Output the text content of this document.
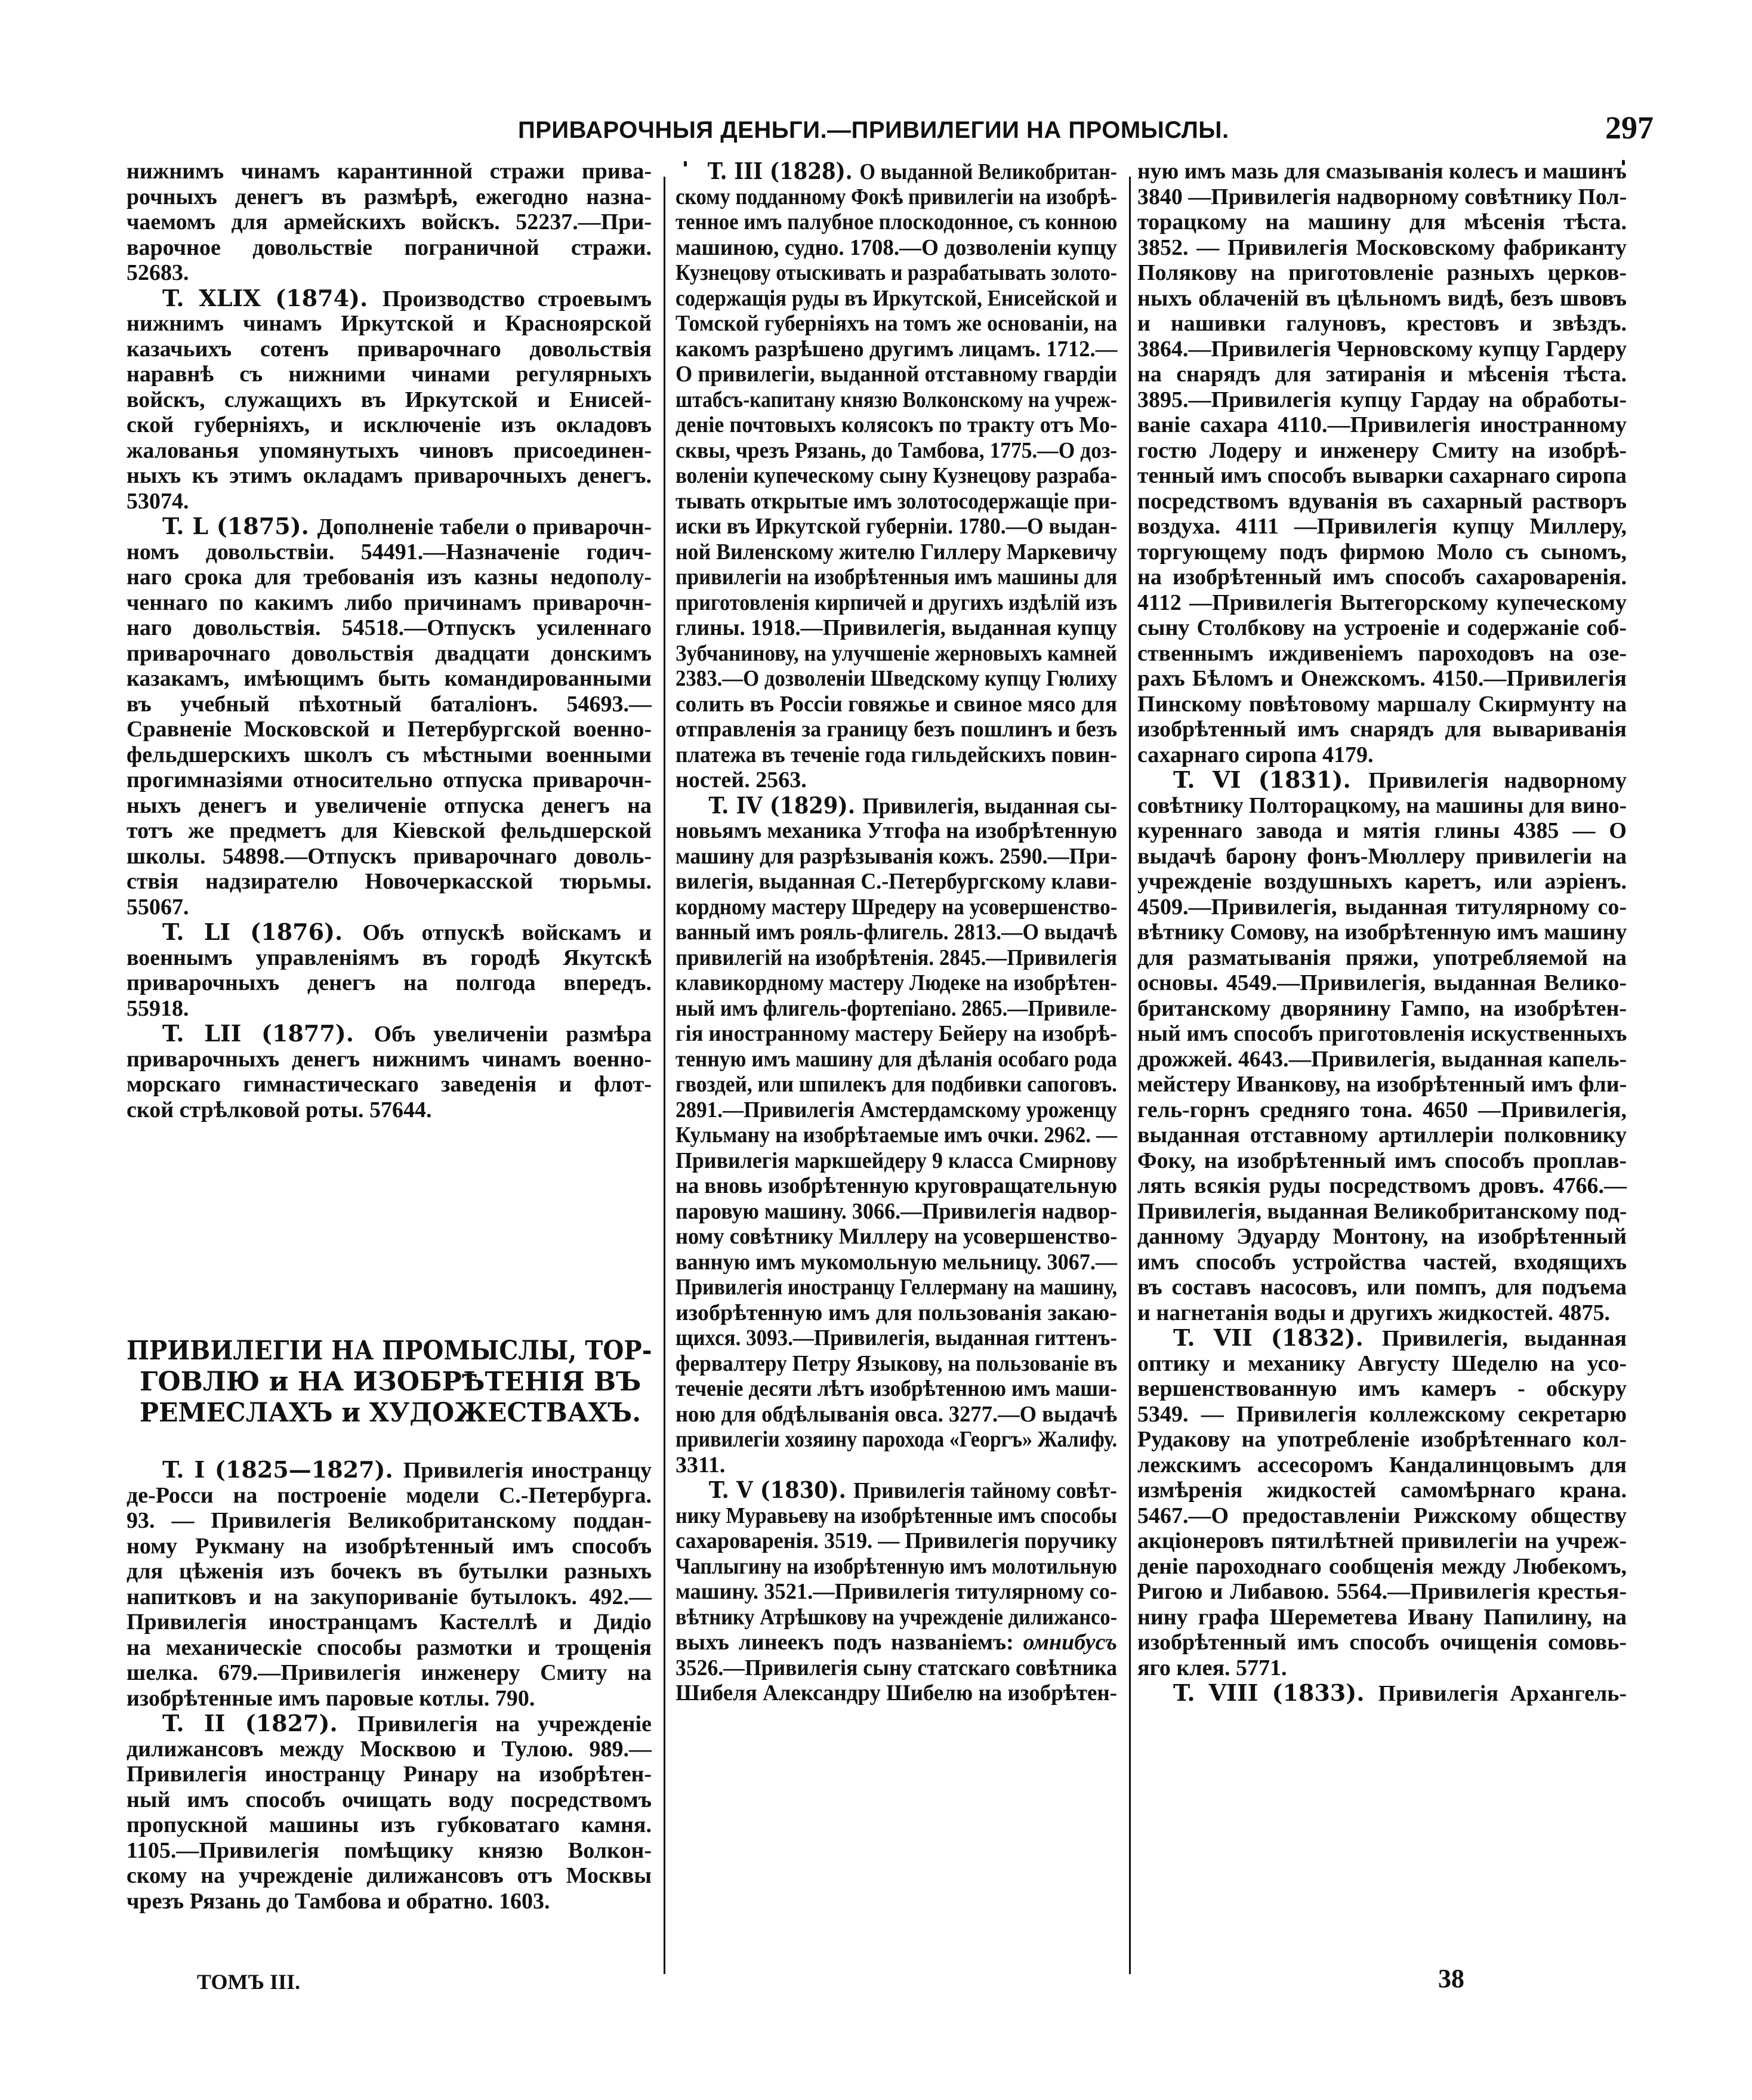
ПРИВАРОЧНЫЯ ДЕНЬГИ.—ПРИВИЛЕГИИ НА ПРОМЫСЛЫ.	297
нижнимъ чинамъ карантинной стражи прива-
рочныхъ денегъ въ размѣрѣ, ежегодно назна-
чаемомъ для армейскихъ войскъ. 52237.—При-
варочное довольствіе пограничной стражи.
52683.
T. XLIX (1874). Производство строевымъ
нижнимъ чинамъ Иркутской и Красноярской
казачьихъ сотенъ приварочнаго довольствія
наравнѣ съ нижними чинами регулярныхъ
войскъ, служащихъ въ Иркутской и Енисей-
ской губерніяхъ, и исключеніе изъ окладовъ
жалованья упомянутыхъ чиновъ присоединен-
ныхъ къ этимъ окладамъ приварочныхъ денегъ.
53074.
T. L (1875). Дополненіе табели о приварочн-
номъ довольствіи. 54491.—Назначеніе годич-
наго срока для требованія изъ казны недополу-
ченнаго по какимъ либо причинамъ приварочн-
наго довольствія. 54518.—Отпускъ усиленнаго
приварочнаго довольствія двадцати донскимъ
казакамъ, имѣющимъ быть командированными
въ учебный пѣхотный баталіонъ. 54693.—
Сравненіе Московской и Петербургской военно-
фельдшерскихъ школъ съ мѣстными военными
прогимназіями относительно отпуска приварочн-
ныхъ денегъ и увеличеніе отпуска денегъ на
тотъ же предметъ для Кіевской фельдшерской
школы. 54898.—Отпускъ приварочнаго доволь-
ствія надзирателю Новочеркасской тюрьмы.
55067.
T. LI (1876). Объ отпускѣ войскамъ и
военнымъ управленіямъ въ городѣ Якутскѣ
приварочныхъ денегъ на полгода впередъ.
55918.
T. LII (1877). Объ увеличеніи размѣра
приварочныхъ денегъ нижнимъ чинамъ военно-
морскаго гимнастическаго заведенія и флот-
ской стрѣлковой роты. 57644.
ПРИВИЛЕГІИ НА ПРОМЫСЛЫ, ТОР-
ГОВЛЮ и НА ИЗОБРѢТЕНІЯ ВЪ
РЕМЕСЛАХЪ и ХУДОЖЕСТВАХЪ.
T. I (1825—1827). Привилегія иностранцу
де-Росси на построеніе модели С.-Петербурга.
93. — Привилегія Великобританскому поддан-
ному Рукману на изобрѣтенный имъ способъ
для цѣженія изъ бочекъ въ бутылки разныхъ
напитковъ и на закупориваніе бутылокъ. 492.—
Привилегія иностранцамъ Кастеллѣ и Дидіо
на механическіе способы размотки и трощенія
шелка. 679.—Привилегія инженеру Смиту на
изобрѣтенные имъ паровые котлы. 790.
T. II (1827). Привилегія на учрежденіе
дилижансовъ между Москвою и Тулою. 989.—
Привилегія иностранцу Ринару на изобрѣтен-
ный имъ способъ очищать воду посредствомъ
пропускной машины изъ губковатаго камня.
1105.—Привилегія помѣщику князю Волкон-
скому на учрежденіе дилижансовъ отъ Москвы
чрезъ Рязань до Тамбова и обратно. 1603.
T. III (1828). О выданной Великобритан-
скому подданному Фокѣ привилегіи на изобрѣ-
тенное имъ палубное плоскодонное, съ конною
машиною, судно. 1708.—О дозволеніи купцу
Кузнецову отыскивать и разрабатывать золото-
содержащія руды въ Иркутской, Енисейской и
Томской губерніяхъ на томъ же основаніи, на
какомъ разрѣшено другимъ лицамъ. 1712.—
О привилегіи, выданной отставному гвардіи
штабсъ-капитану князю Волконскому на учреж-
деніе почтовыхъ колясокъ по тракту отъ Мо-
сквы, чрезъ Рязань, до Тамбова, 1775.—О доз-
воленіи купеческому сыну Кузнецову разраба-
тывать открытые имъ золотосодержащіе при-
иски въ Иркутской губерніи. 1780.—О выдан-
ной Виленскому жителю Гиллеру Маркевичу
привилегіи на изобрѣтенныя имъ машины для
приготовленія кирпичей и другихъ издѣлій изъ
глины. 1918.—Привилегія, выданная купцу
Зубчанинову, на улучшеніе жерновыхъ камней
2383.—О дозволеніи Шведскому купцу Гюлиху
солить въ Россіи говяжье и свиное мясо для
отправленія за границу безъ пошлинъ и безъ
платежа въ теченіе года гильдейскихъ повин-
ностей. 2563.
T. IV (1829). Привилегія, выданная сы-
новьямъ механика Утгофа на изобрѣтенную
машину для разрѣзыванія кожъ. 2590.—При-
вилегія, выданная С.-Петербургскому клави-
кордному мастеру Шредеру на усовершенство-
ванный имъ рояль-флигель. 2813.—О выдачѣ
привилегій на изобрѣтенія. 2845.—Привилегія
клавикордному мастеру Людеке на изобрѣтен-
ный имъ флигель-фортепіано. 2865.—Привиле-
гія иностранному мастеру Бейеру на изобрѣ-
тенную имъ машину для дѣланія особаго рода
гвоздей, или шпилекъ для подбивки сапоговъ.
2891.—Привилегія Амстердамскому уроженцу
Кульману на изобрѣтаемые имъ очки. 2962. —
Привилегія маркшейдеру 9 класса Смирнову
на вновь изобрѣтенную круговращательную
паровую машину. 3066.—Привилегія надвор-
ному совѣтнику Миллеру на усовершенство-
ванную имъ мукомольную мельницу. 3067.—
Привилегія иностранцу Геллерману на машину,
изобрѣтенную имъ для пользованія закаю-
щихся. 3093.—Привилегія, выданная гиттенъ-
фервалтеру Петру Языкову, на пользованіе въ
теченіе десяти лѣтъ изобрѣтенною имъ маши-
ною для обдѣлыванія овса. 3277.—О выдачѣ
привилегіи хозяину парохода «Георгъ» Жалифу.
3311.
T. V (1830). Привилегія тайному совѣт-
нику Муравьеву на изобрѣтенные имъ способы
сахароваренія. 3519. — Привилегія поручику
Чаплыгину на изобрѣтенную имъ молотильную
машину. 3521.—Привилегія титулярному со-
вѣтнику Атрѣшкову на учрежденіе дилижансо-
выхъ линеекъ подъ названіемъ: омнибусъ
3526.—Привилегія сыну статскаго совѣтника
Шибеля Александру Шибелю на изобрѣтен-
ную имъ мазь для смазыванія колесъ и машинъ
3840 —Привилегія надворному совѣтнику Пол-
торацкому на машину для мѣсенія тѣста.
3852. — Привилегія Московскому фабриканту
Полякову на приготовленіе разныхъ церков-
ныхъ облаченій въ цѣльномъ видѣ, безъ швовъ
и нашивки галуновъ, крестовъ и звѣздъ.
3864.—Привилегія Черновскому купцу Гардеру
на снарядъ для затиранія и мѣсенія тѣста.
3895.—Привилегія купцу Гардау на обработы-
ваніе сахара 4110.—Привилегія иностранному
гостю Лодеру и инженеру Смиту на изобрѣ-
тенный имъ способъ выварки сахарнаго сиропа
посредствомъ вдуванія въ сахарный растворъ
воздуха. 4111 —Привилегія купцу Миллеру,
торгующему подъ фирмою Моло съ сыномъ,
на изобрѣтенный имъ способъ сахароваренія.
4112 —Привилегія Вытегорскому купеческому
сыну Столбкову на устроеніе и содержаніе соб-
ственнымъ иждивеніемъ пароходовъ на озе-
рахъ Бѣломъ и Онежскомъ. 4150.—Привилегія
Пинскому повѣтовому маршалу Скирмунту на
изобрѣтенный имъ снарядъ для вывариванія
сахарнаго сиропа 4179.
T. VI (1831). Привилегія надворному
совѣтнику Полторацкому, на машины для вино-
куреннаго завода и мятія глины 4385 — О
выдачѣ барону фонъ-Мюллеру привилегіи на
учрежденіе воздушныхъ каретъ, или аэріенъ.
4509.—Привилегія, выданная титулярному со-
вѣтнику Сомову, на изобрѣтенную имъ машину
для разматыванія пряжи, употребляемой на
основы. 4549.—Привилегія, выданная Велико-
британскому дворянину Гампо, на изобрѣтен-
ный имъ способъ приготовленія искуственныхъ
дрожжей. 4643.—Привилегія, выданная капель-
мейстеру Иванкову, на изобрѣтенный имъ фли-
гель-горнъ средняго тона. 4650 —Привилегія,
выданная отставному артиллеріи полковнику
Фоку, на изобрѣтенный имъ способъ проплав-
лять всякія руды посредствомъ дровъ. 4766.—
Привилегія, выданная Великобританскому под-
данному Эдуарду Монтону, на изобрѣтенный
имъ способъ устройства частей, входящихъ
въ составъ насосовъ, или помпъ, для подъема
и нагнетанія воды и другихъ жидкостей. 4875.
T. VII (1832). Привилегія, выданная
оптику и механику Августу Шеделю на усо-
вершенствованную имъ камеръ - обскуру
5349. — Привилегія коллежскому секретарю
Рудакову на употребленіе изобрѣтеннаго кол-
лежскимъ ассесоромъ Кандалинцовымъ для
измѣренія жидкостей самомѣрнаго крана.
5467.—О предоставленіи Рижскому обществу
акціонеровъ пятилѣтней привилегіи на учреж-
деніе пароходнаго сообщенія между Любекомъ,
Ригою и Либавою. 5564.—Привилегія крестья-
нину графа Шереметева Ивану Папилину, на
изобрѣтенный имъ способъ очищенія сомовь-
яго клея. 5771.
T. VIII (1833). Привилегія Архангель-
ТОМЪ III.	38
